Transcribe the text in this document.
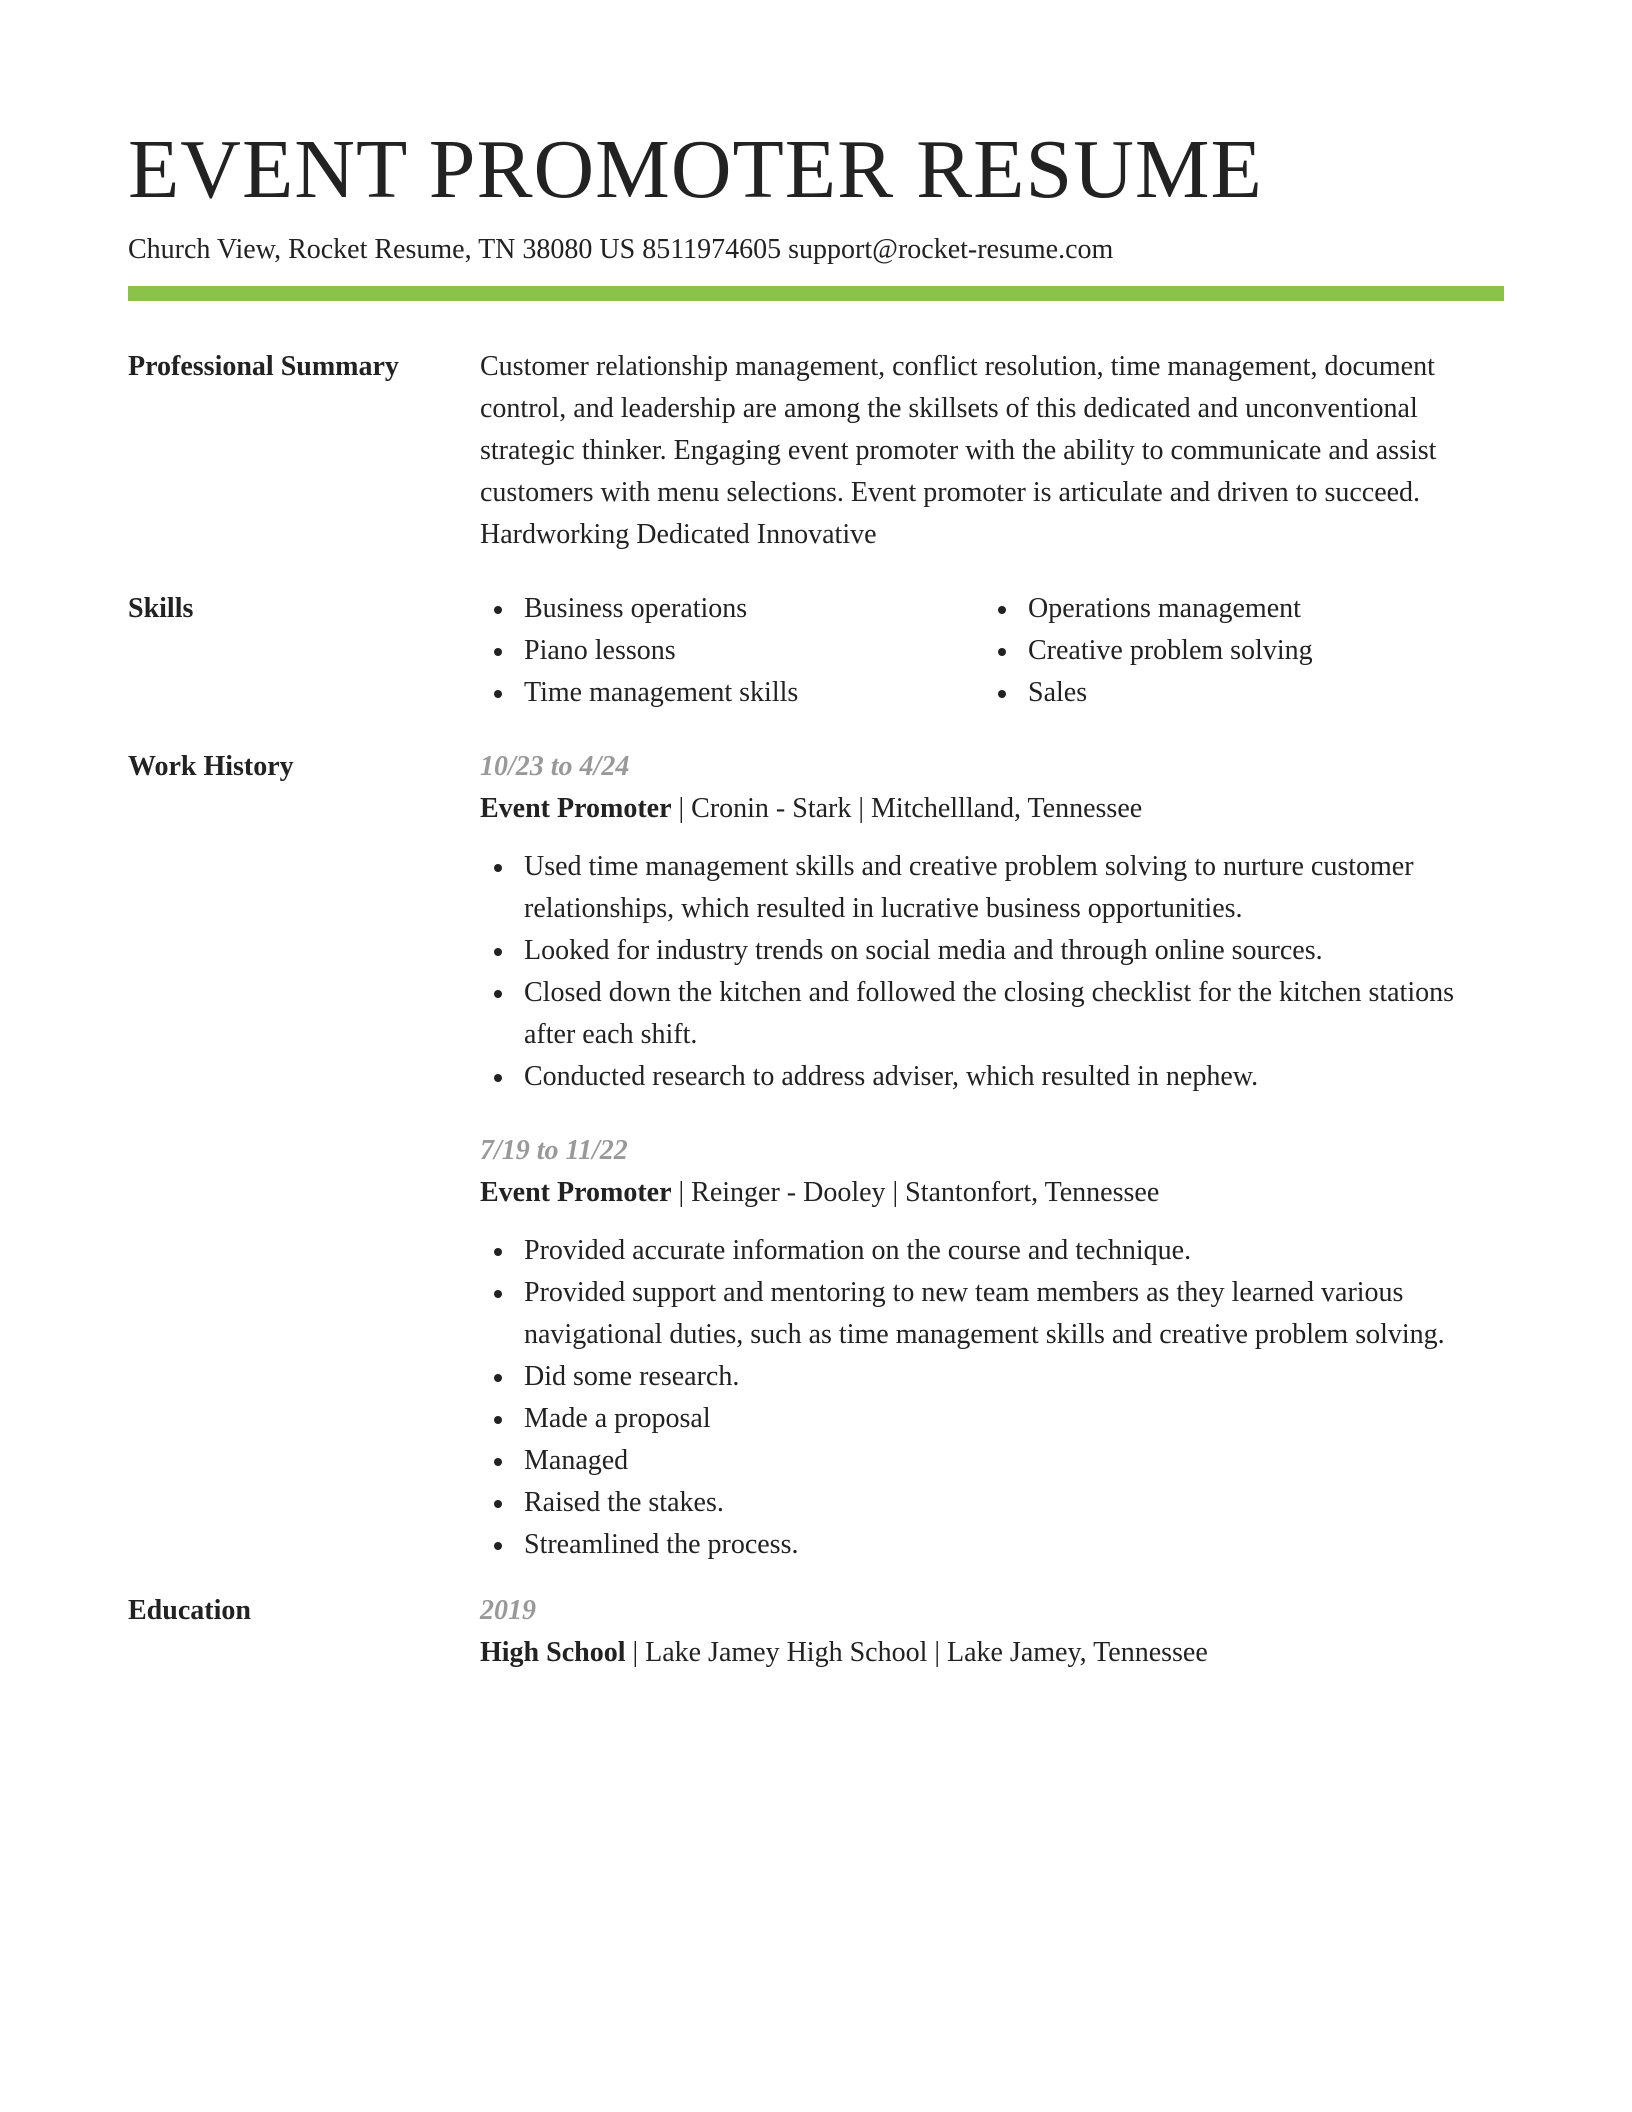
EVENT PROMOTER RESUME
Church View, Rocket Resume, TN 38080 US 8511974605 support@rocket-resume.com
Professional Summary	Customer relationship management, conflict resolution, time management, document control, and leadership are among the skillsets of this dedicated and unconventional strategic thinker. Engaging event promoter with the ability to communicate and assist customers with menu selections. Event promoter is articulate and driven to succeed. Hardworking Dedicated Innovative

Skills	Business operations
Piano lessons
Time management skills
Operations management
Creative problem solving
Sales
Work History	10/23 to 4/24
Event Promoter | Cronin - Stark | Mitchellland, Tennessee
Used time management skills and creative problem solving to nurture customer relationships, which resulted in lucrative business opportunities.
Looked for industry trends on social media and through online sources.
Closed down the kitchen and followed the closing checklist for the kitchen stations after each shift.
Conducted research to address adviser, which resulted in nephew.
7/19 to 11/22
Event Promoter | Reinger - Dooley | Stantonfort, Tennessee
Provided accurate information on the course and technique.
Provided support and mentoring to new team members as they learned various navigational duties, such as time management skills and creative problem solving.
Did some research.
Made a proposal
Managed
Raised the stakes.
Streamlined the process.
Education	2019
High School | Lake Jamey High School | Lake Jamey, Tennessee
